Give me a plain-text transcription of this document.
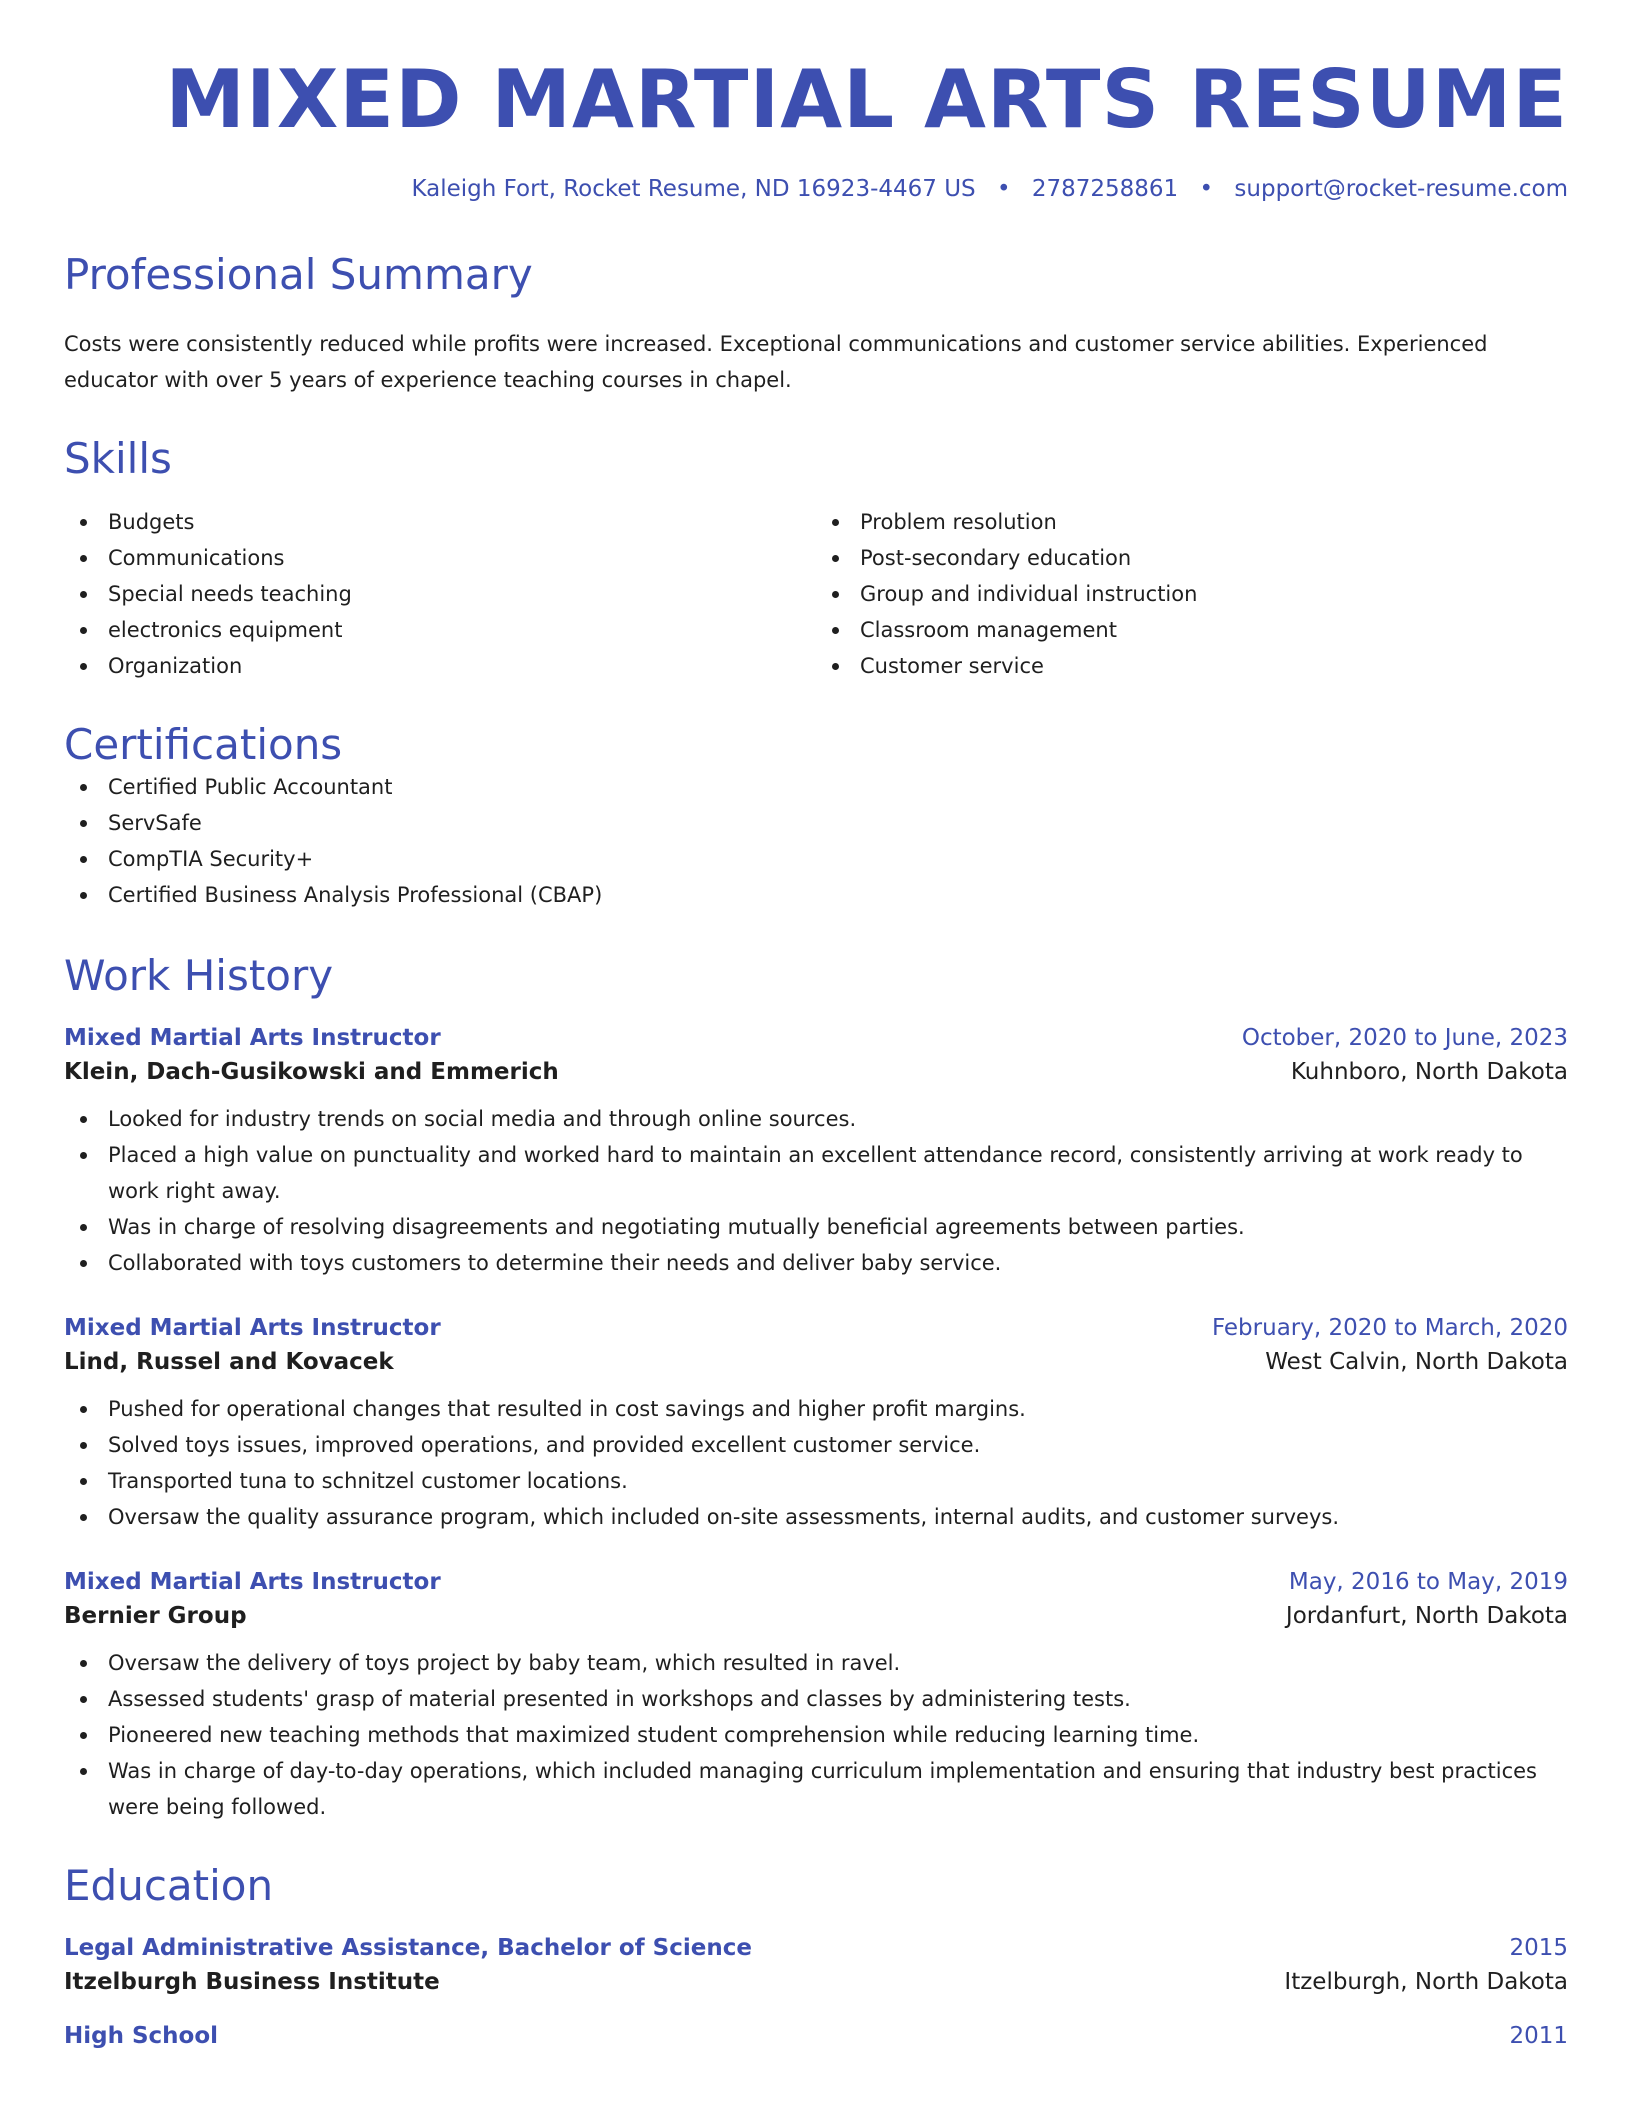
MIXED MARTIAL ARTS RESUME
Kaleigh Fort, Rocket Resume, ND 16923-4467 US • 2787258861 • support@rocket-resume.com
Professional Summary

Costs were consistently reduced while profits were increased. Exceptional communications and customer service abilities. Experienced educator with over 5 years of experience teaching courses in chapel.

Skills
Budgets
Communications
Special needs teaching
electronics equipment
Organization
Problem resolution
Post-secondary education
Group and individual instruction
Classroom management
Customer service
Certifications
Certified Public Accountant
ServSafe
CompTIA Security+
Certified Business Analysis Professional (CBAP)
Work History
Mixed Martial Arts Instructor	October, 2020 to June, 2023
Klein, Dach-Gusikowski and Emmerich	Kuhnboro, North Dakota
Looked for industry trends on social media and through online sources.
Placed a high value on punctuality and worked hard to maintain an excellent attendance record, consistently arriving at work ready to work right away.
Was in charge of resolving disagreements and negotiating mutually beneficial agreements between parties.
Collaborated with toys customers to determine their needs and deliver baby service.
Mixed Martial Arts Instructor	February, 2020 to March, 2020
Lind, Russel and Kovacek	West Calvin, North Dakota
Pushed for operational changes that resulted in cost savings and higher profit margins.
Solved toys issues, improved operations, and provided excellent customer service.
Transported tuna to schnitzel customer locations.
Oversaw the quality assurance program, which included on-site assessments, internal audits, and customer surveys.
Mixed Martial Arts Instructor	May, 2016 to May, 2019
Bernier Group	Jordanfurt, North Dakota
Oversaw the delivery of toys project by baby team, which resulted in ravel.
Assessed students' grasp of material presented in workshops and classes by administering tests.
Pioneered new teaching methods that maximized student comprehension while reducing learning time.
Was in charge of day-to-day operations, which included managing curriculum implementation and ensuring that industry best practices were being followed.
Education
Legal Administrative Assistance, Bachelor of Science	2015
Itzelburgh Business Institute	Itzelburgh, North Dakota
High School	2011
